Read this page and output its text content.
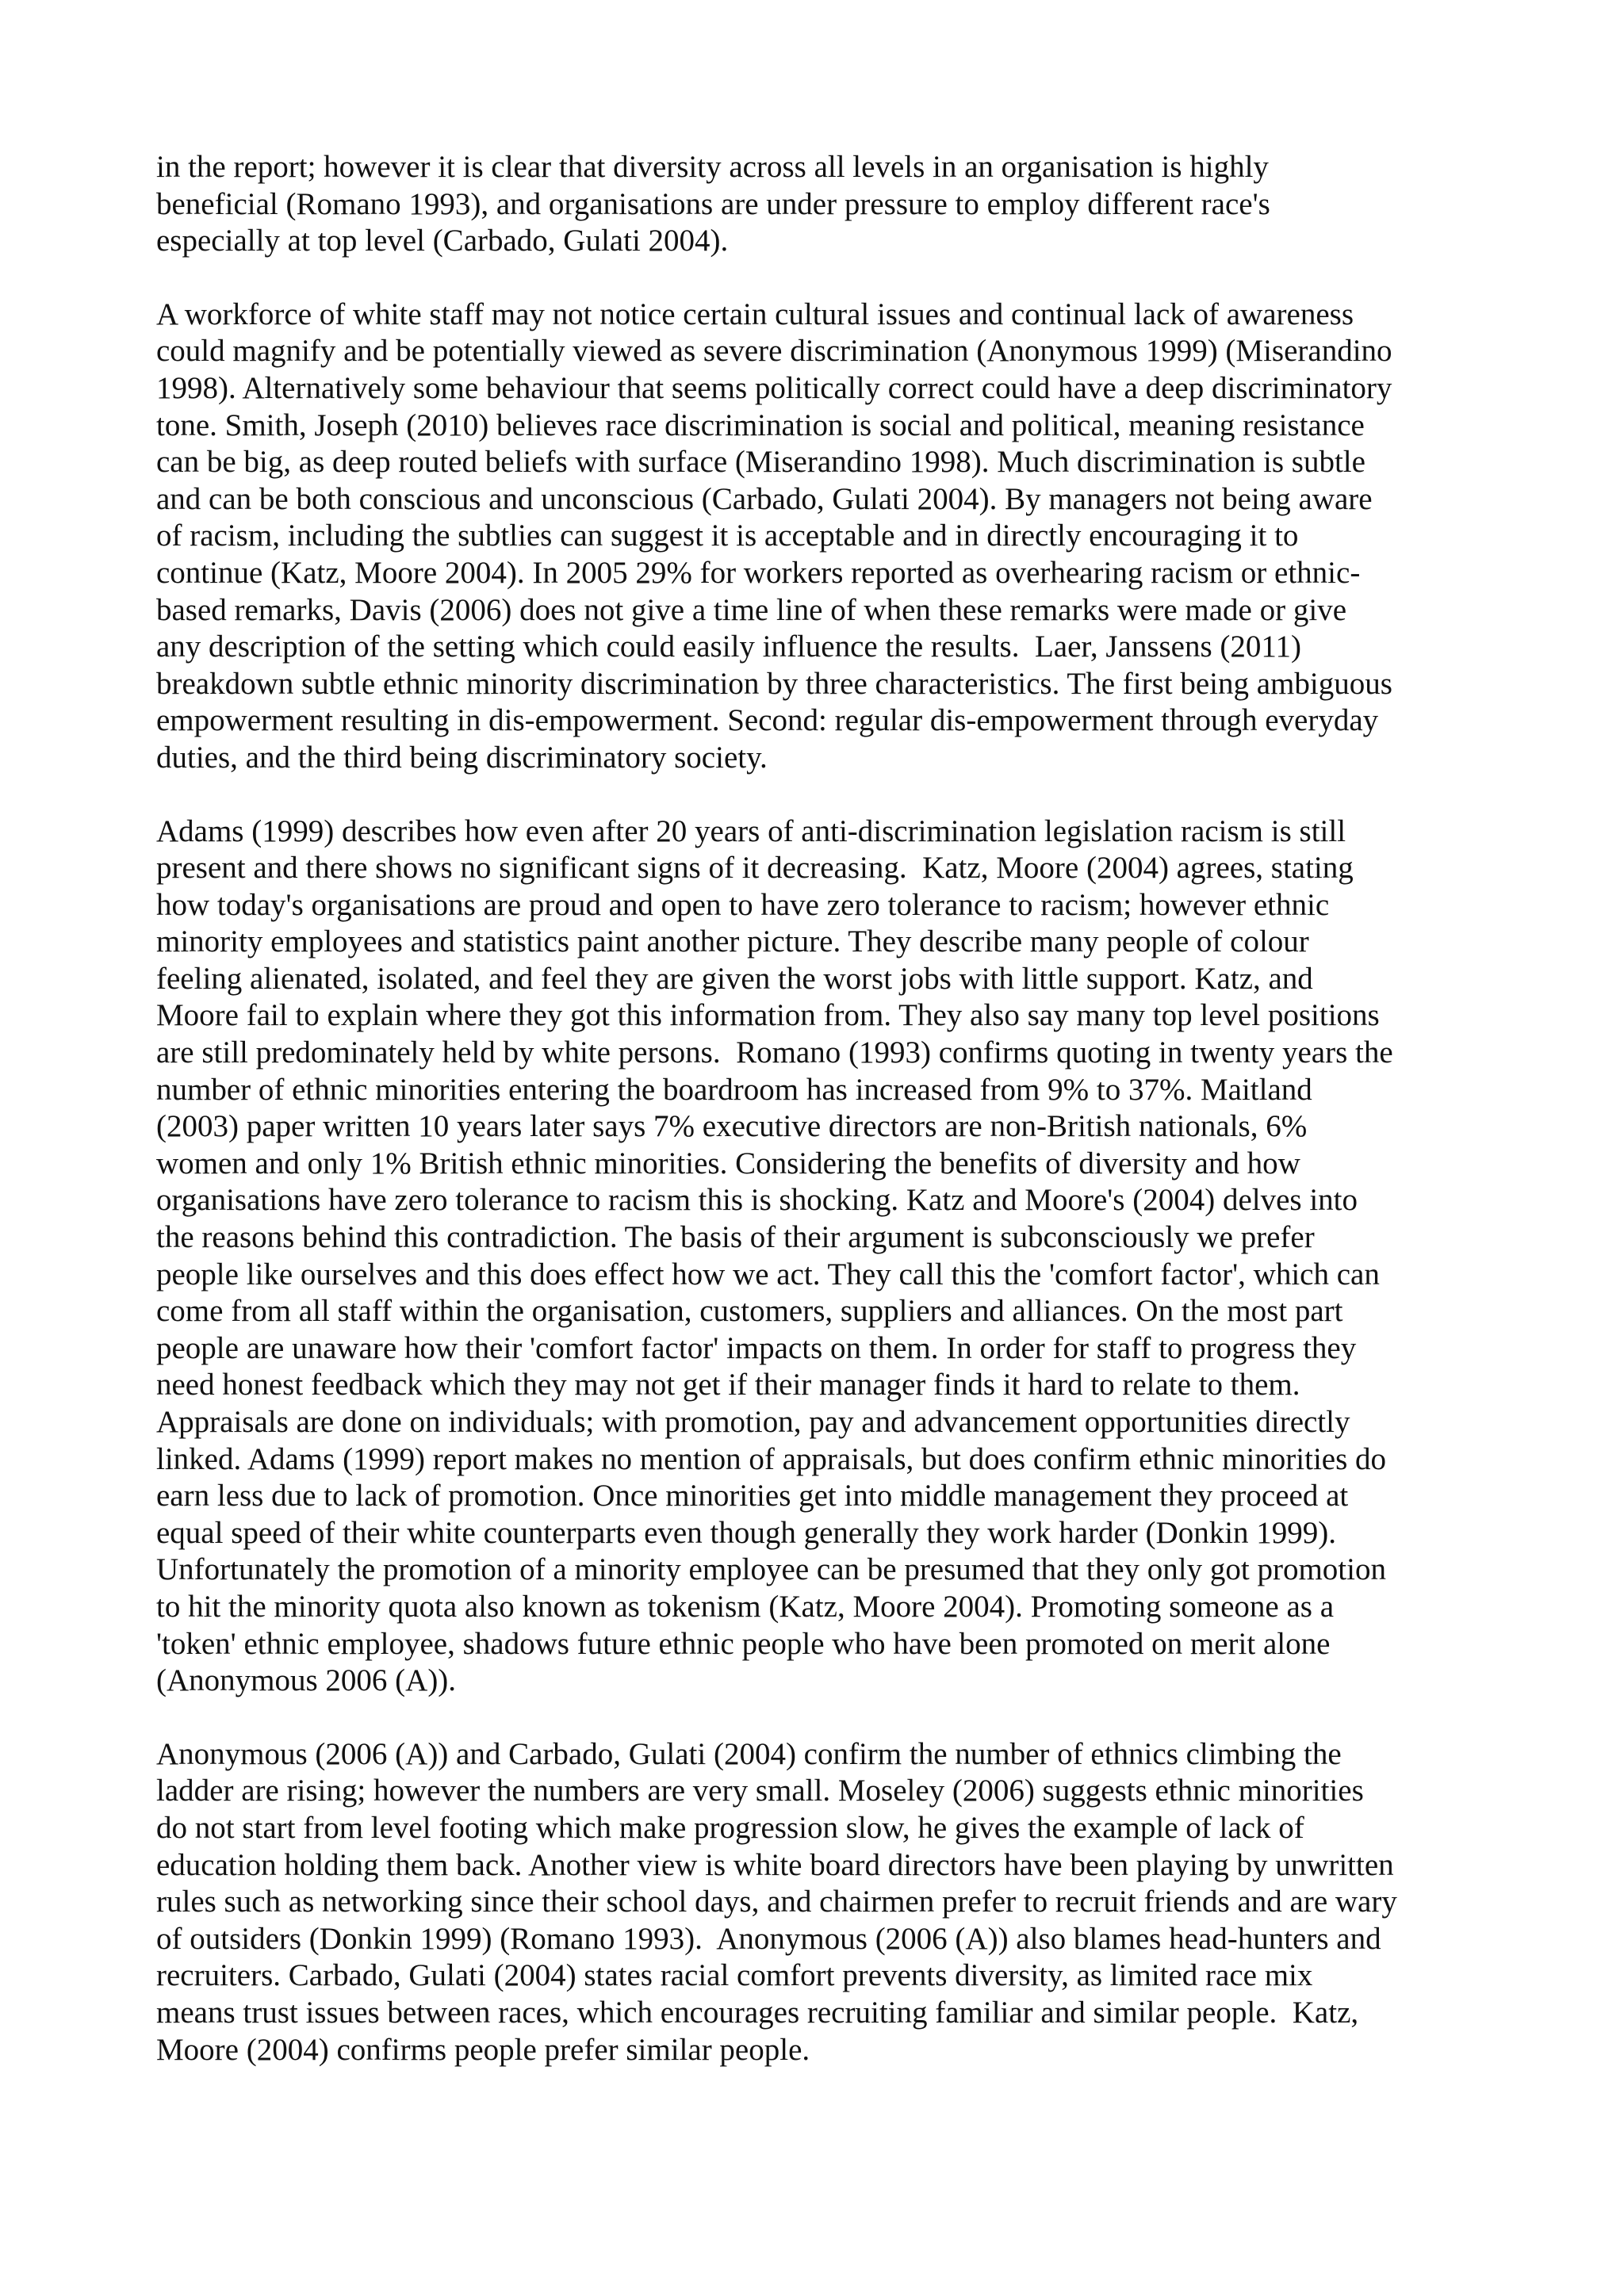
in the report; however it is clear that diversity across all levels in an organisation is highly
beneficial (Romano 1993), and organisations are under pressure to employ different race's
especially at top level (Carbado, Gulati 2004).
A workforce of white staff may not notice certain cultural issues and continual lack of awareness
could magnify and be potentially viewed as severe discrimination (Anonymous 1999) (Miserandino
1998). Alternatively some behaviour that seems politically correct could have a deep discriminatory
tone. Smith, Joseph (2010) believes race discrimination is social and political, meaning resistance
can be big, as deep routed beliefs with surface (Miserandino 1998). Much discrimination is subtle
and can be both conscious and unconscious (Carbado, Gulati 2004). By managers not being aware
of racism, including the subtlies can suggest it is acceptable and in directly encouraging it to
continue (Katz, Moore 2004). In 2005 29% for workers reported as overhearing racism or ethnic-
based remarks, Davis (2006) does not give a time line of when these remarks were made or give
any description of the setting which could easily influence the results.  Laer, Janssens (2011)
breakdown subtle ethnic minority discrimination by three characteristics. The first being ambiguous
empowerment resulting in dis-empowerment. Second: regular dis-empowerment through everyday
duties, and the third being discriminatory society.
Adams (1999) describes how even after 20 years of anti-discrimination legislation racism is still
present and there shows no significant signs of it decreasing.  Katz, Moore (2004) agrees, stating
how today's organisations are proud and open to have zero tolerance to racism; however ethnic
minority employees and statistics paint another picture. They describe many people of colour
feeling alienated, isolated, and feel they are given the worst jobs with little support. Katz, and
Moore fail to explain where they got this information from. They also say many top level positions
are still predominately held by white persons.  Romano (1993) confirms quoting in twenty years the
number of ethnic minorities entering the boardroom has increased from 9% to 37%. Maitland
(2003) paper written 10 years later says 7% executive directors are non-British nationals, 6%
women and only 1% British ethnic minorities. Considering the benefits of diversity and how
organisations have zero tolerance to racism this is shocking. Katz and Moore's (2004) delves into
the reasons behind this contradiction. The basis of their argument is subconsciously we prefer
people like ourselves and this does effect how we act. They call this the 'comfort factor', which can
come from all staff within the organisation, customers, suppliers and alliances. On the most part
people are unaware how their 'comfort factor' impacts on them. In order for staff to progress they
need honest feedback which they may not get if their manager finds it hard to relate to them.
Appraisals are done on individuals; with promotion, pay and advancement opportunities directly
linked. Adams (1999) report makes no mention of appraisals, but does confirm ethnic minorities do
earn less due to lack of promotion. Once minorities get into middle management they proceed at
equal speed of their white counterparts even though generally they work harder (Donkin 1999).
Unfortunately the promotion of a minority employee can be presumed that they only got promotion
to hit the minority quota also known as tokenism (Katz, Moore 2004). Promoting someone as a
'token' ethnic employee, shadows future ethnic people who have been promoted on merit alone
(Anonymous 2006 (A)).
Anonymous (2006 (A)) and Carbado, Gulati (2004) confirm the number of ethnics climbing the
ladder are rising; however the numbers are very small. Moseley (2006) suggests ethnic minorities
do not start from level footing which make progression slow, he gives the example of lack of
education holding them back. Another view is white board directors have been playing by unwritten
rules such as networking since their school days, and chairmen prefer to recruit friends and are wary
of outsiders (Donkin 1999) (Romano 1993).  Anonymous (2006 (A)) also blames head-hunters and
recruiters. Carbado, Gulati (2004) states racial comfort prevents diversity, as limited race mix
means trust issues between races, which encourages recruiting familiar and similar people.  Katz,
Moore (2004) confirms people prefer similar people.
